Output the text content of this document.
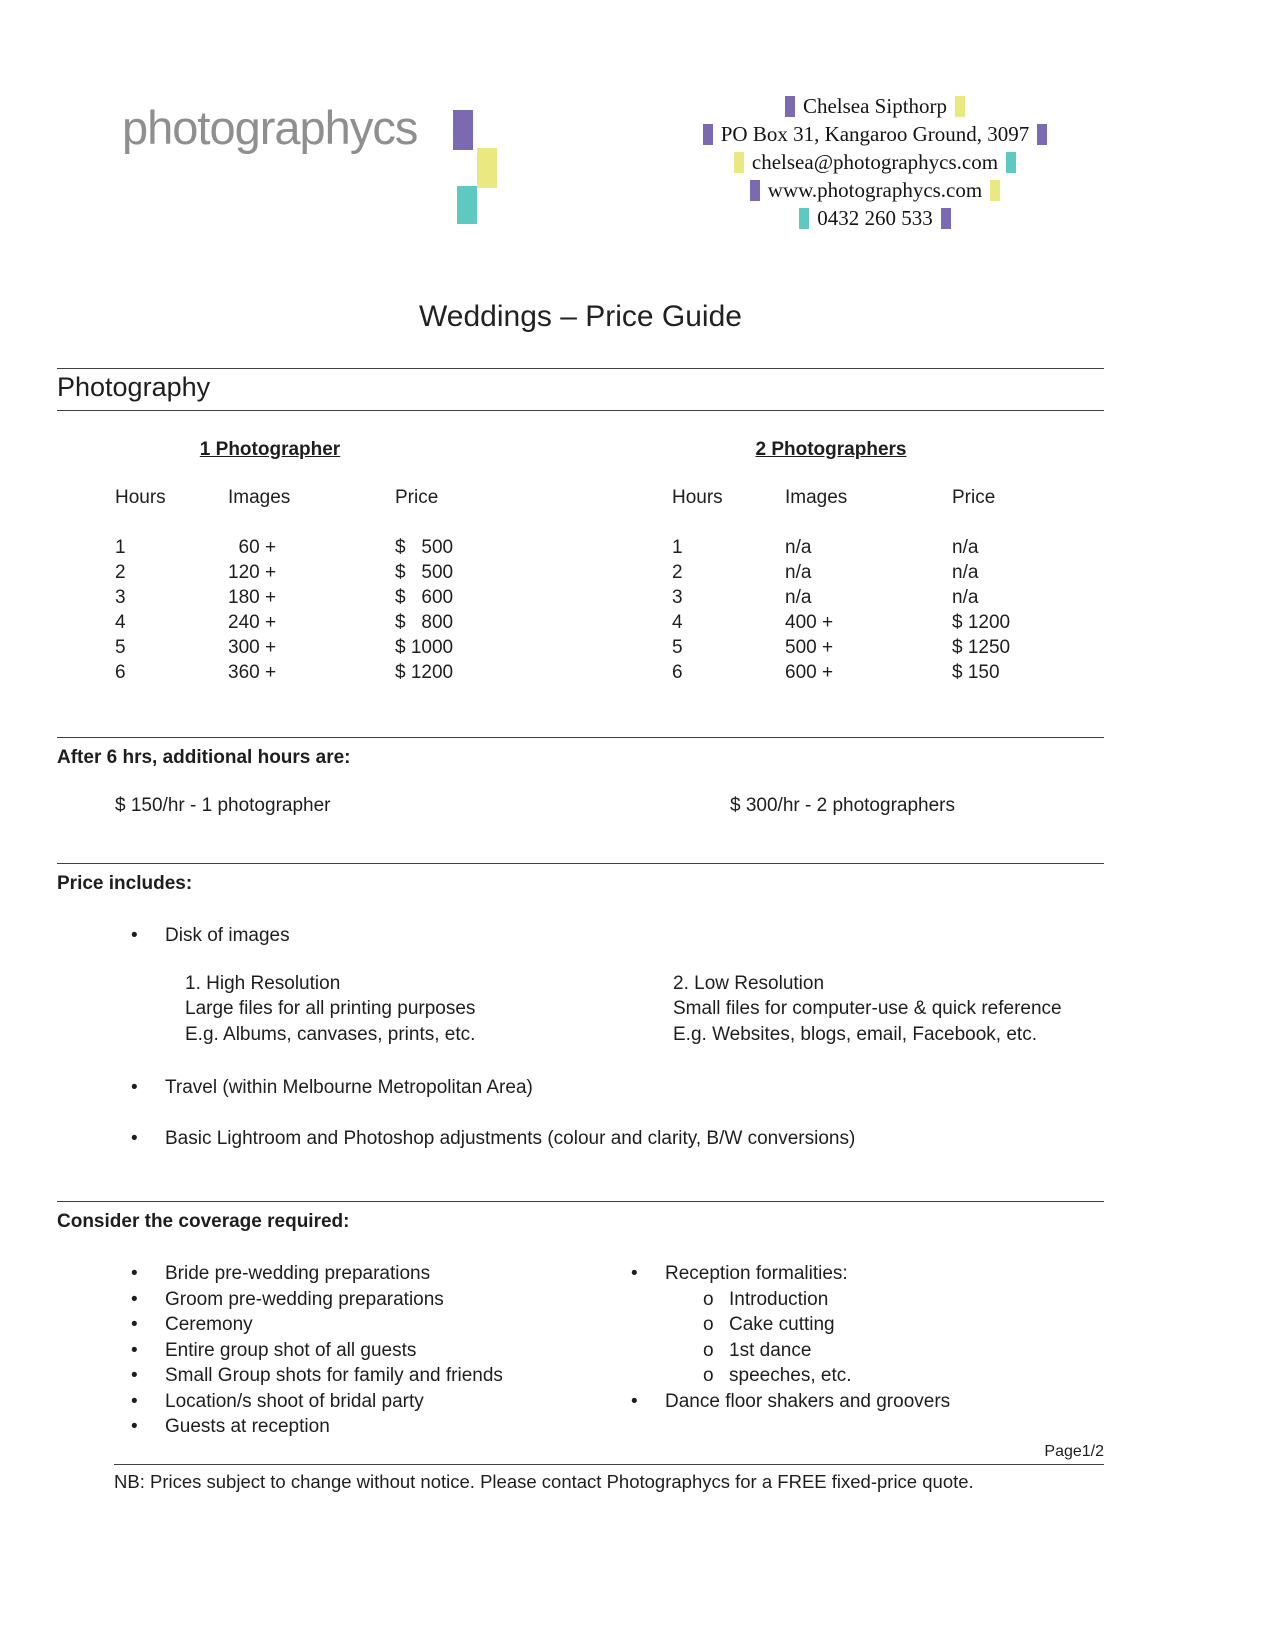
photographycs	Chelsea Sipthorp
PO Box 31, Kangaroo Ground, 3097
chelsea@photographycs.com
www.photographycs.com
0432 260 533
Weddings – Price Guide
Photography
1 Photographer
Hours	Images	Price
1	60 +	$   500
2	120 +	$   500
3	180 +	$   600
4	240 +	$   800
5	300 +	$ 1000
6	360 +	$ 1200
2 Photographers
Hours	Images	Price
1	n/a	n/a
2	n/a	n/a
3	n/a	n/a
4	400 +	$ 1200
5	500 +	$ 1250
6	600 +	$ 150
After 6 hrs, additional hours are:
$ 150/hr - 1 photographer	$ 300/hr - 2 photographers
Price includes:
•	Disk of images
1. High Resolution
Large files for all printing purposes
E.g. Albums, canvases, prints, etc.
2. Low Resolution
Small files for computer-use & quick reference
E.g. Websites, blogs, email, Facebook, etc.
•	Travel (within Melbourne Metropolitan Area)
•	Basic Lightroom and Photoshop adjustments (colour and clarity, B/W conversions)
Consider the coverage required:
•	Bride pre-wedding preparations
•	Groom pre-wedding preparations
•	Ceremony
•	Entire group shot of all guests
•	Small Group shots for family and friends
•	Location/s shoot of bridal party
•	Guests at reception
•	Reception formalities:
o Introduction
o Cake cutting
o 1st dance
o speeches, etc.
•	Dance floor shakers and groovers
Page1/2
NB: Prices subject to change without notice. Please contact Photographycs for a FREE fixed-price quote.
